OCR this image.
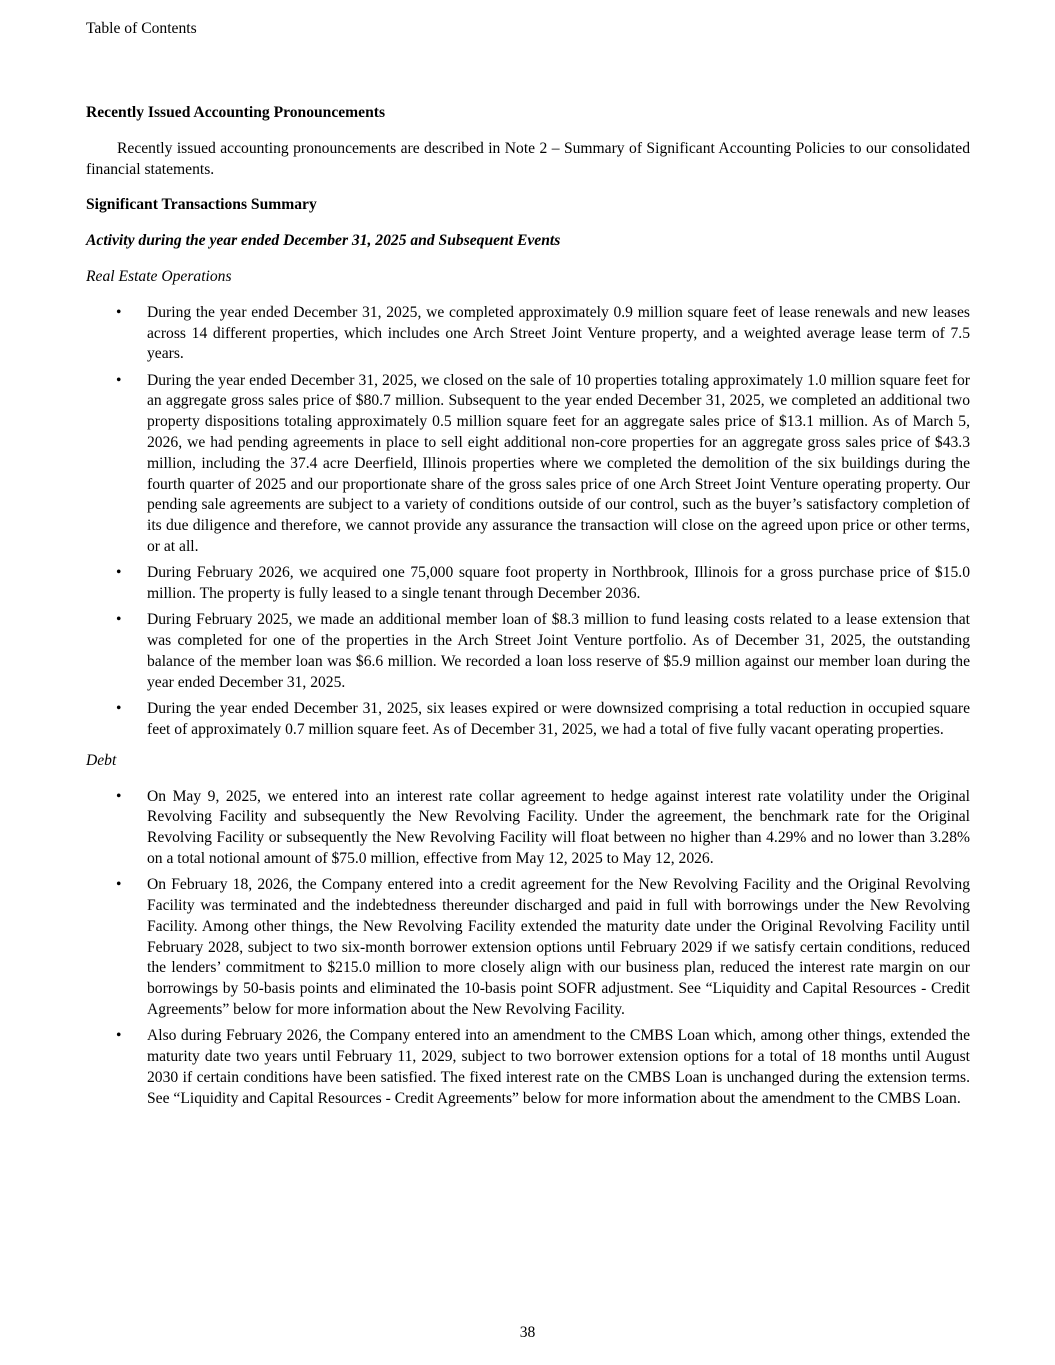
Table of Contents

Recently Issued Accounting Pronouncements

Recently issued accounting pronouncements are described in Note 2 – Summary of Significant Accounting Policies to our consolidated financial statements.

Significant Transactions Summary

Activity during the year ended December 31, 2025 and Subsequent Events

Real Estate Operations

• During the year ended December 31, 2025, we completed approximately 0.9 million square feet of lease renewals and new leases across 14 different properties, which includes one Arch Street Joint Venture property, and a weighted average lease term of 7.5 years.
• During the year ended December 31, 2025, we closed on the sale of 10 properties totaling approximately 1.0 million square feet for an aggregate gross sales price of $80.7 million. Subsequent to the year ended December 31, 2025, we completed an additional two property dispositions totaling approximately 0.5 million square feet for an aggregate sales price of $13.1 million. As of March 5, 2026, we had pending agreements in place to sell eight additional non-core properties for an aggregate gross sales price of $43.3 million, including the 37.4 acre Deerfield, Illinois properties where we completed the demolition of the six buildings during the fourth quarter of 2025 and our proportionate share of the gross sales price of one Arch Street Joint Venture operating property. Our pending sale agreements are subject to a variety of conditions outside of our control, such as the buyer’s satisfactory completion of its due diligence and therefore, we cannot provide any assurance the transaction will close on the agreed upon price or other terms, or at all.
• During February 2026, we acquired one 75,000 square foot property in Northbrook, Illinois for a gross purchase price of $15.0 million. The property is fully leased to a single tenant through December 2036.
• During February 2025, we made an additional member loan of $8.3 million to fund leasing costs related to a lease extension that was completed for one of the properties in the Arch Street Joint Venture portfolio. As of December 31, 2025, the outstanding balance of the member loan was $6.6 million. We recorded a loan loss reserve of $5.9 million against our member loan during the year ended December 31, 2025.
• During the year ended December 31, 2025, six leases expired or were downsized comprising a total reduction in occupied square feet of approximately 0.7 million square feet. As of December 31, 2025, we had a total of five fully vacant operating properties.

Debt

• On May 9, 2025, we entered into an interest rate collar agreement to hedge against interest rate volatility under the Original Revolving Facility and subsequently the New Revolving Facility. Under the agreement, the benchmark rate for the Original Revolving Facility or subsequently the New Revolving Facility will float between no higher than 4.29% and no lower than 3.28% on a total notional amount of $75.0 million, effective from May 12, 2025 to May 12, 2026.
• On February 18, 2026, the Company entered into a credit agreement for the New Revolving Facility and the Original Revolving Facility was terminated and the indebtedness thereunder discharged and paid in full with borrowings under the New Revolving Facility. Among other things, the New Revolving Facility extended the maturity date under the Original Revolving Facility until February 2028, subject to two six-month borrower extension options until February 2029 if we satisfy certain conditions, reduced the lenders’ commitment to $215.0 million to more closely align with our business plan, reduced the interest rate margin on our borrowings by 50-basis points and eliminated the 10-basis point SOFR adjustment. See “Liquidity and Capital Resources - Credit Agreements” below for more information about the New Revolving Facility.
• Also during February 2026, the Company entered into an amendment to the CMBS Loan which, among other things, extended the maturity date two years until February 11, 2029, subject to two borrower extension options for a total of 18 months until August 2030 if certain conditions have been satisfied. The fixed interest rate on the CMBS Loan is unchanged during the extension terms. See “Liquidity and Capital Resources - Credit Agreements” below for more information about the amendment to the CMBS Loan.
38
